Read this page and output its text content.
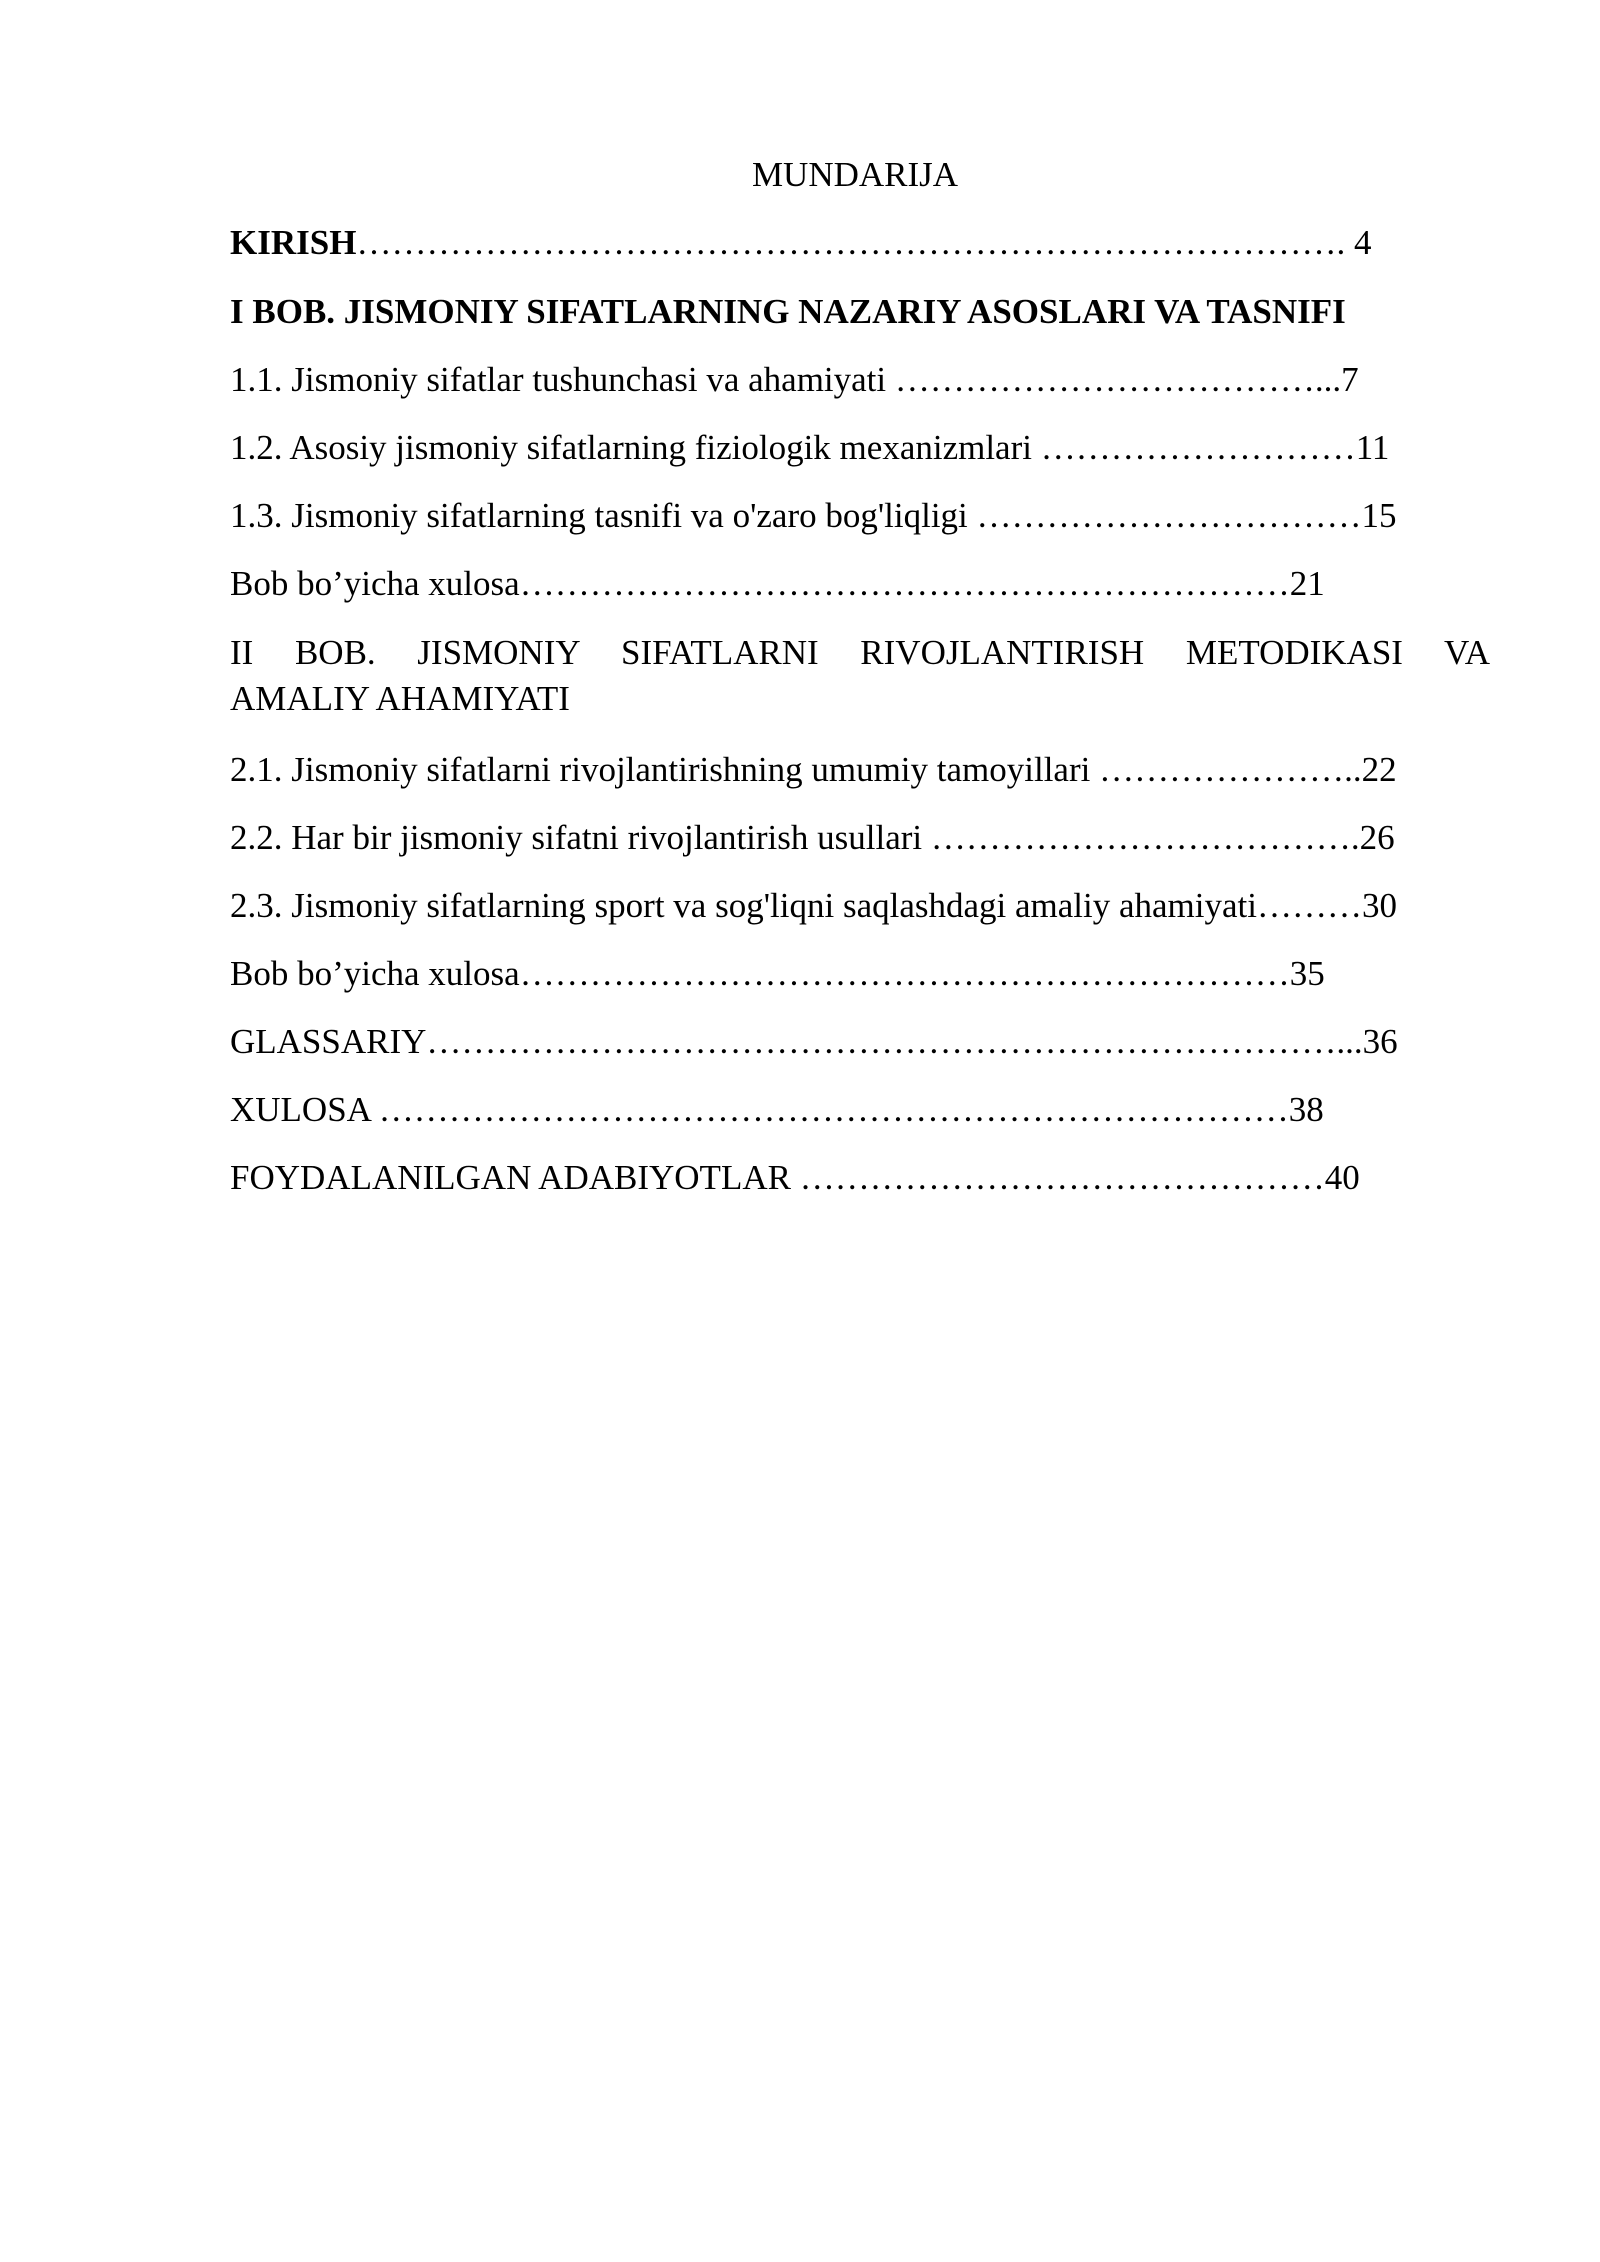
MUNDARIJA
KIRISH…………………………………………………………………………. 4
I BOB. JISMONIY SIFATLARNING NAZARIY ASOSLARI VA TASNIFI
1.1. Jismoniy sifatlar tushunchasi va ahamiyati ………………………………...7
1.2. Asosiy jismoniy sifatlarning fiziologik mexanizmlari ………………………11
1.3. Jismoniy sifatlarning tasnifi va o'zaro bog'liqligi ……………………………15
Bob bo’yicha xulosa…………………………………………………………21
II BOB. JISMONIY SIFATLARNI RIVOJLANTIRISH METODIKASI VA
AMALIY AHAMIYATI
2.1. Jismoniy sifatlarni rivojlantirishning umumiy tamoyillari …………………..22
2.2. Har bir jismoniy sifatni rivojlantirish usullari ……………………………….26
2.3. Jismoniy sifatlarning sport va sog'liqni saqlashdagi amaliy ahamiyati………30
Bob bo’yicha xulosa…………………………………………………………35
GLASSARIY……………………………………………………………………...36
XULOSA ……………………………………………………………………38
FOYDALANILGAN ADABIYOTLAR ………………………………………40
